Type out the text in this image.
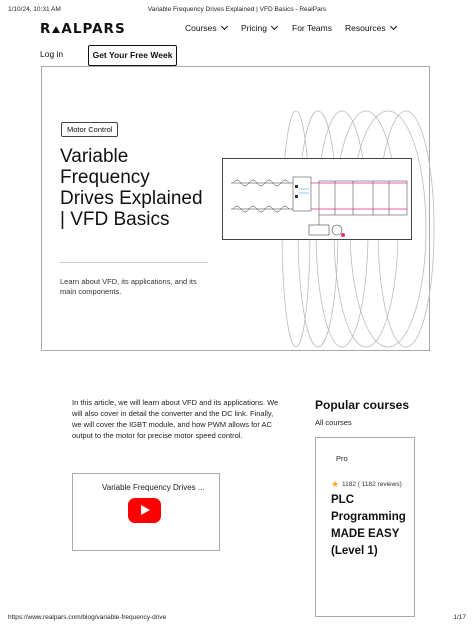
1/10/24, 10:31 AM	Variable Frequency Drives Explained | VFD Basics - RealPars
R ALPARS	Courses	Pricing	For Teams Resources
Log in	Get Your Free Week
Motor Control
Variable Frequency Drives Explained | VFD Basics
Learn about VFD, its applications, and its main components.
In this article, we will learn about VFD and its applications. We will also cover in detail the converter and the DC link. Finally, we will cover the IGBT module, and how PWM allows for AC output to the motor for precise motor speed control.
Variable Frequency Drives ...
Popular courses
All courses
Pro
★ 1182 ( 1182 reviews)
PLC Programming MADE EASY (Level 1)
https://www.realpars.com/blog/variable-frequency-drive	1/17
